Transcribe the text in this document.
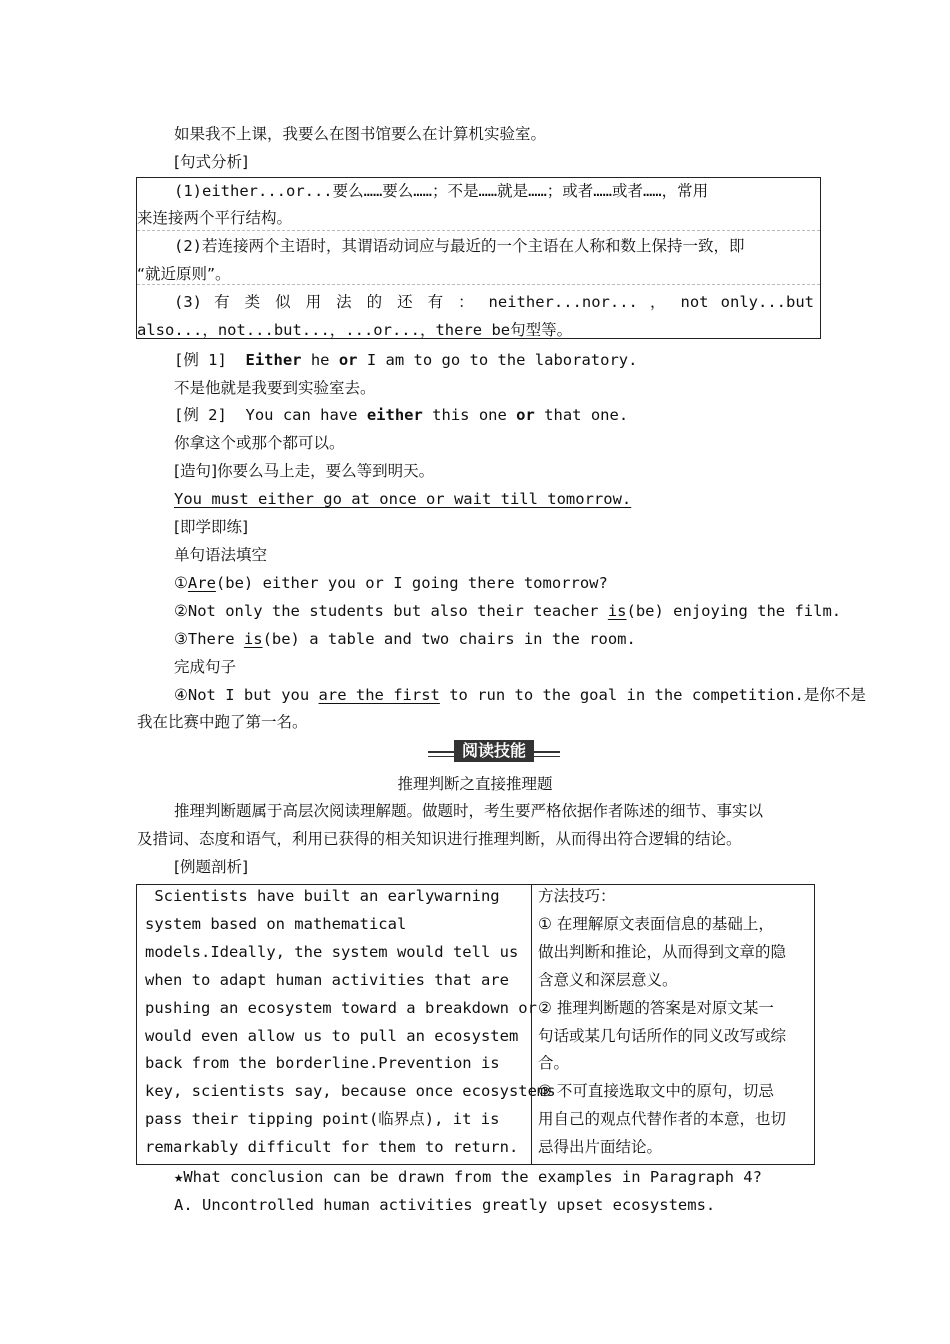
如果我不上课，我要么在图书馆要么在计算机实验室。
[句式分析]
(1)either...or...要么……要么……；不是……就是……；或者……或者……，常用
来连接两个平行结构。
(2)若连接两个主语时，其谓语动词应与最近的一个主语在人称和数上保持一致，即
“就近原则”。
(3) 有 类 似 用 法 的 还 有 ： neither...nor... ， not only...but
also...，not...but...，...or...，there be句型等。
[例 1] Either he or I am to go to the laboratory.
不是他就是我要到实验室去。
[例 2] You can have either this one or that one.
你拿这个或那个都可以。
[造句]你要么马上走，要么等到明天。
You must either go at once or wait till tomorrow.
[即学即练]
单句语法填空
①Are(be) either you or I going there tomorrow?
②Not only the students but also their teacher is(be) enjoying the film.
③There is(be) a table and two chairs in the room.
完成句子
④Not I but you are the first to run to the goal in the competition.是你不是
我在比赛中跑了第一名。
阅读技能
推理判断之直接推理题
推理判断题属于高层次阅读理解题。做题时，考生要严格依据作者陈述的细节、事实以
及措词、态度和语气，利用已获得的相关知识进行推理判断，从而得出符合逻辑的结论。
[例题剖析]
Scientists have built an earlywarning
system based on mathematical
models.Ideally, the system would tell us
when to adapt human activities that are
pushing an ecosystem toward a breakdown or
would even allow us to pull an ecosystem
back from the borderline.Prevention is
key, scientists say, because once ecosystems
pass their tipping point(临界点), it is
remarkably difficult for them to return.
方法技巧：
① 在理解原文表面信息的基础上，
做出判断和推论，从而得到文章的隐
含意义和深层意义。
② 推理判断题的答案是对原文某一
句话或某几句话所作的同义改写或综
合。
③ 不可直接选取文中的原句，切忌
用自己的观点代替作者的本意，也切
忌得出片面结论。
★What conclusion can be drawn from the examples in Paragraph 4?
A. Uncontrolled human activities greatly upset ecosystems.
